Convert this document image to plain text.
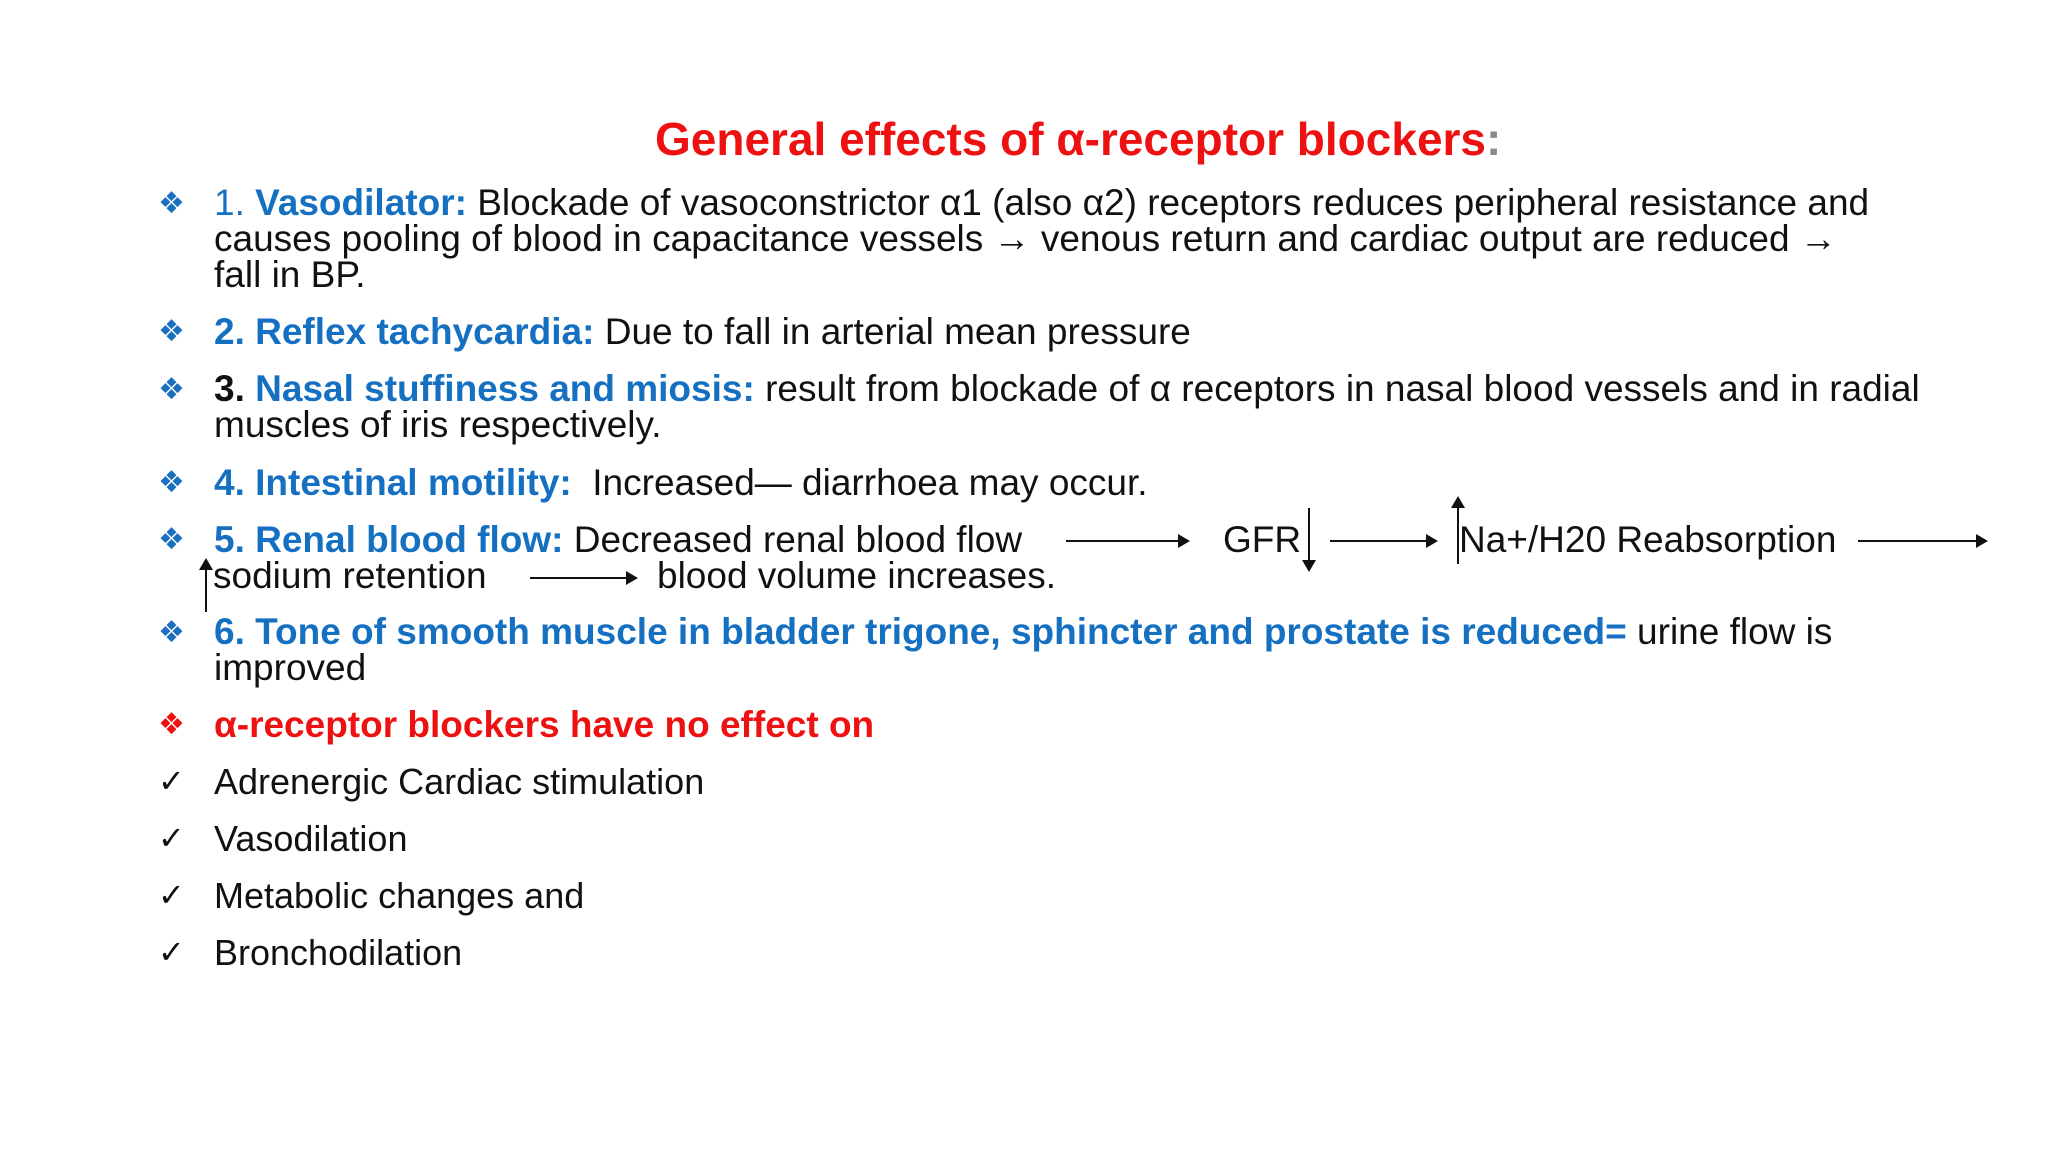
General effects of α-receptor blockers:
❖ 1. Vasodilator: Blockade of vasoconstrictor α1 (also α2) receptors reduces peripheral resistance and
causes pooling of blood in capacitance vessels → venous return and cardiac output are reduced →
fall in BP.
❖ 2. Reflex tachycardia: Due to fall in arterial mean pressure
❖ 3. Nasal stuffiness and miosis: result from blockade of α receptors in nasal blood vessels and in radial
muscles of iris respectively.
❖ 4. Intestinal motility: Increased— diarrhoea may occur.
❖ 5. Renal blood flow: Decreased renal blood flow	GFR	Na+/H20 Reabsorption
sodium retention	blood volume increases.
❖ 6. Tone of smooth muscle in bladder trigone, sphincter and prostate is reduced= urine flow is
improved
❖ α-receptor blockers have no effect on
✓ Adrenergic Cardiac stimulation
✓ Vasodilation
✓ Metabolic changes and
✓ Bronchodilation
